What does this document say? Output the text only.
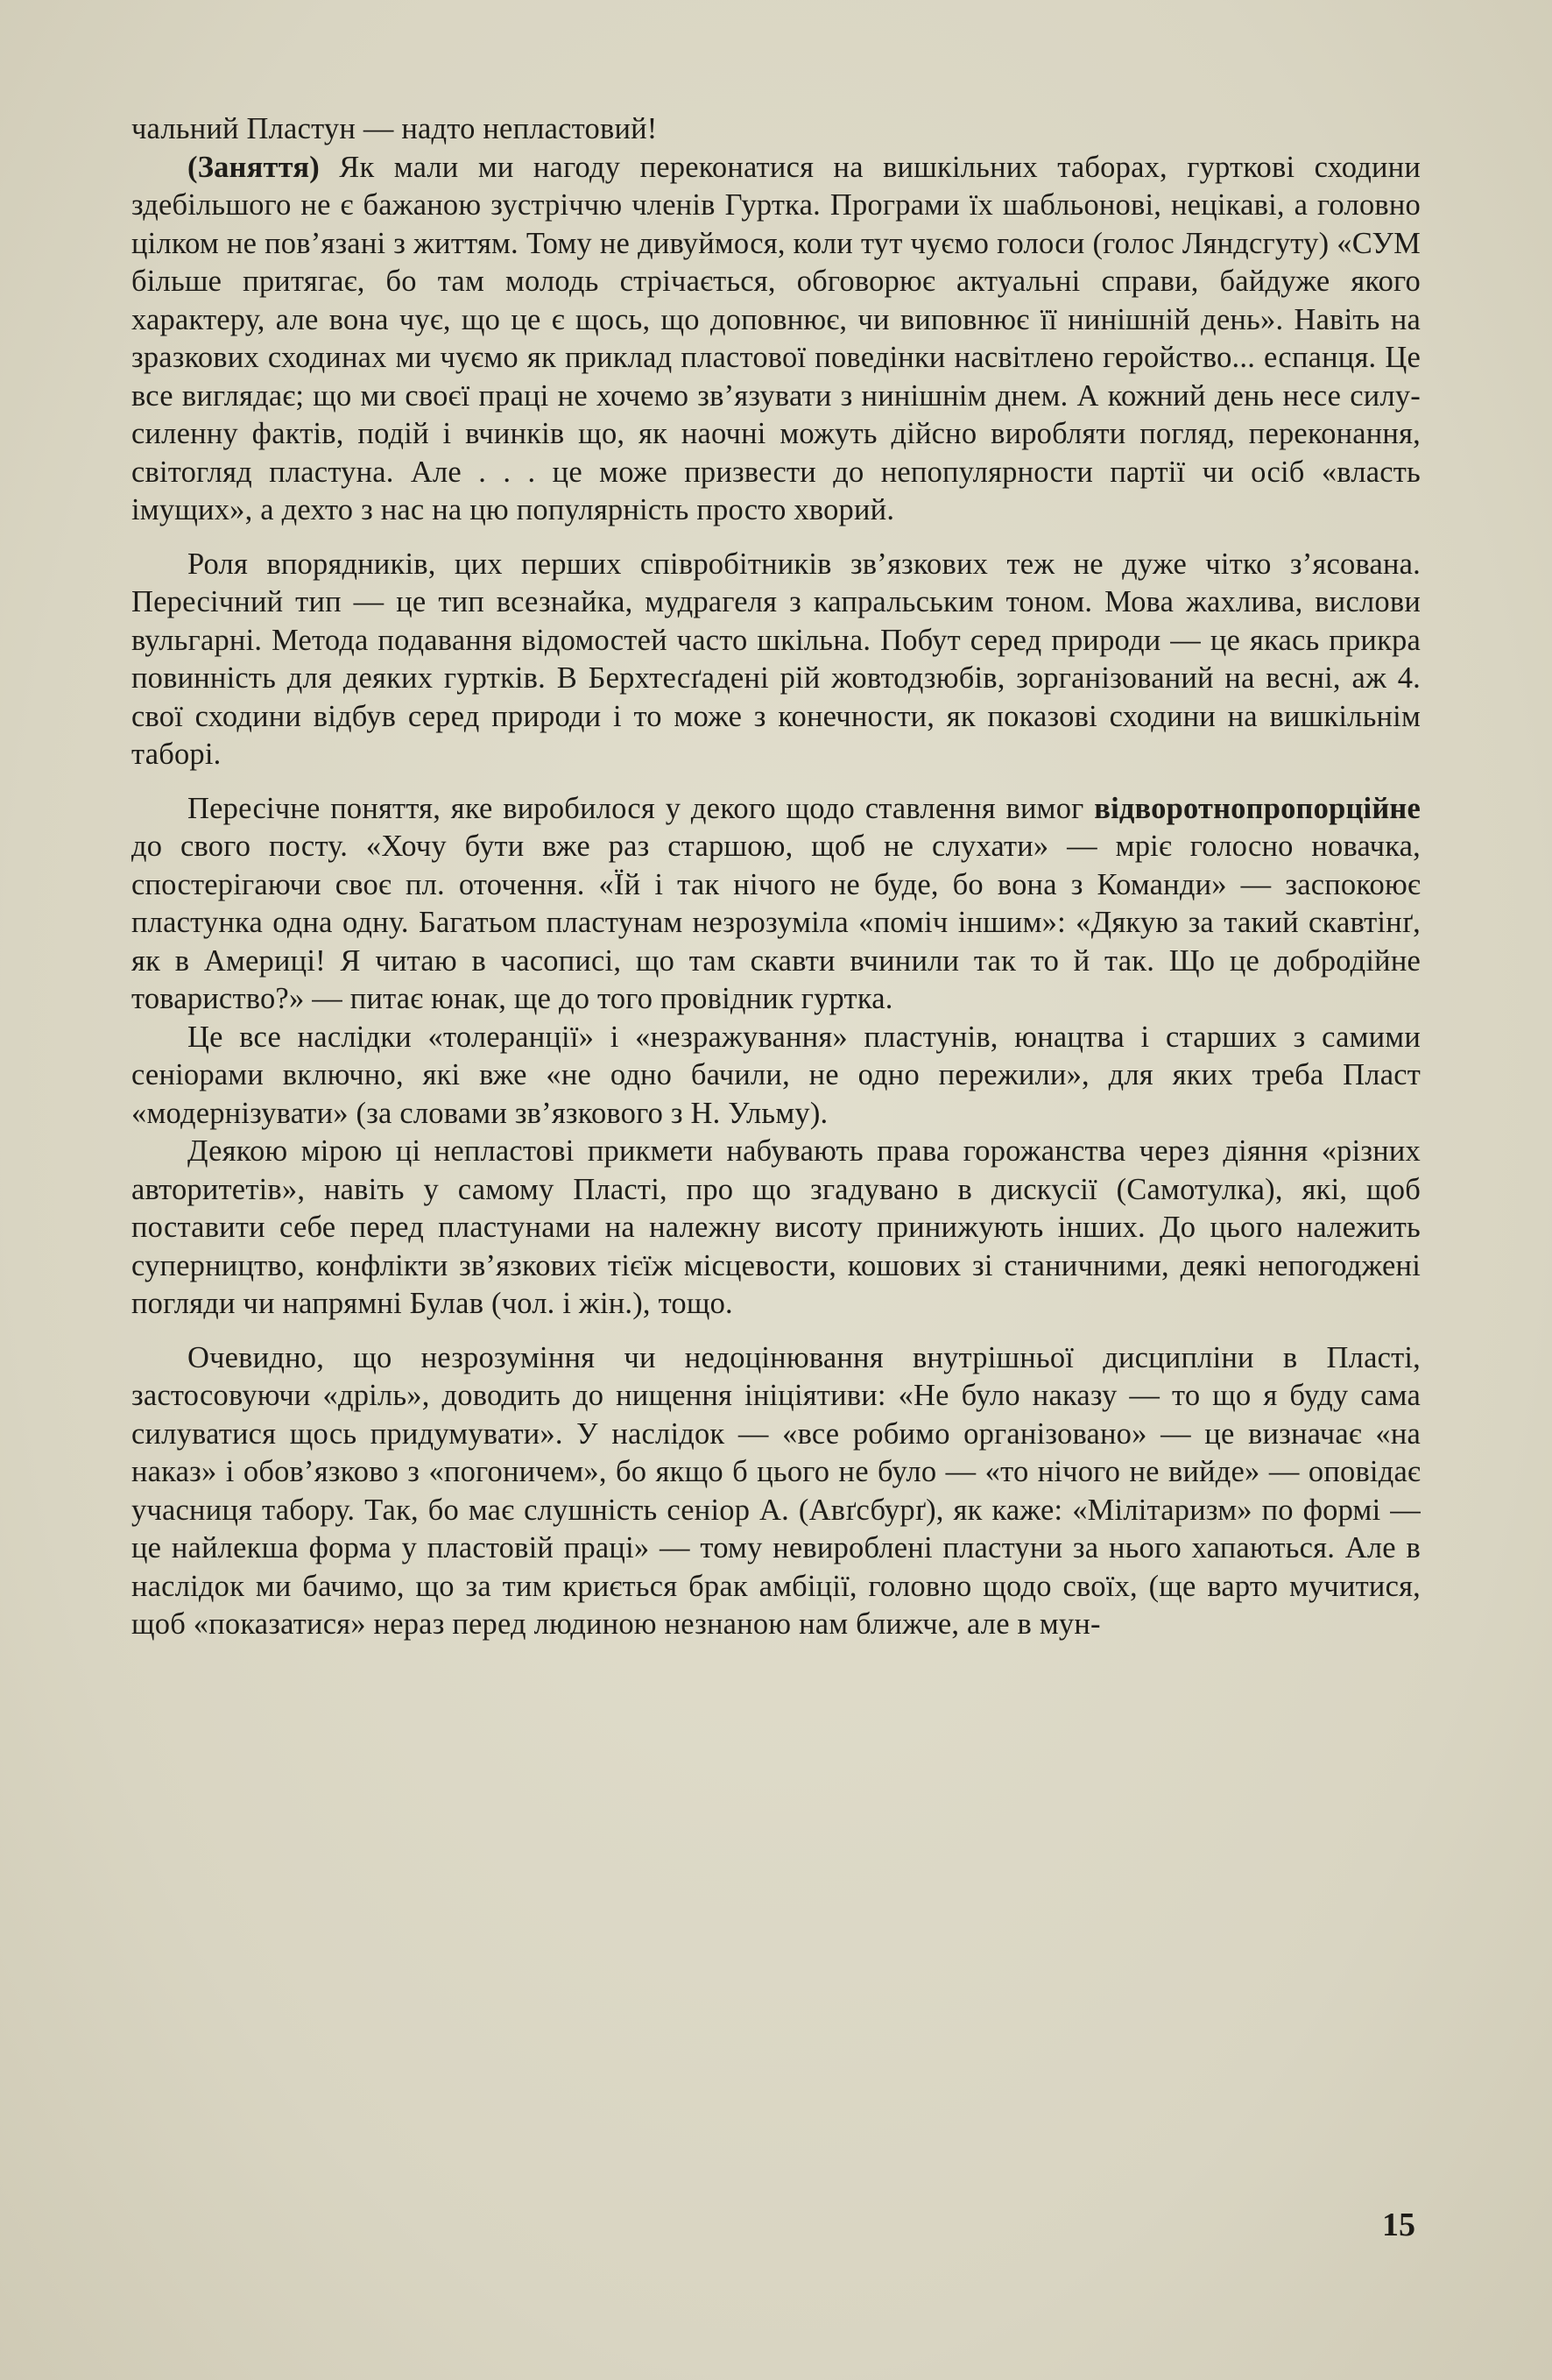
чальний Пластун — надто непластовий!

(Заняття) Як мали ми нагоду переконатися на вишкільних таборах, гурткові сходини здебільшого не є бажаною зустріччю членів Гуртка. Програми їх шабльонові, нецікаві, а головно цілком не пов’язані з життям. Тому не дивуймося, коли тут чуємо голоси (голос Ляндсгуту) «СУМ більше притягає, бо там молодь стрічається, обговорює актуальні справи, байдуже якого характеру, але вона чує, що це є щось, що доповнює, чи виповнює її нинішній день». Навіть на зразкових сходинах ми чуємо як приклад пластової поведінки насвітлено геройство... еспанця. Це все виглядає; що ми своєї праці не хочемо зв’язувати з нинішнім днем. А кожний день несе силу-силенну фактів, подій і вчинків що, як наочні можуть дійсно виробляти погляд, переконання, світогляд пластуна. Але . . . це може призвести до непопулярности партії чи осіб «власть імущих», а дехто з нас на цю популярність просто хворий.

Роля впорядників, цих перших співробітників зв’язкових теж не дуже чітко з’ясована. Пересічний тип — це тип всезнайка, мудрагеля з капральським тоном. Мова жахлива, вислови вульгарні. Метода подавання відомостей часто шкільна. Побут серед природи — це якась прикра повинність для деяких гуртків. В Берхтесґадені рій жовтодзюбів, зорганізований на весні, аж 4. свої сходини відбув серед природи і то може з конечности, як показові сходини на вишкільнім таборі.

Пересічне поняття, яке виробилося у декого щодо ставлення вимог відворотнопропорційне до свого посту. «Хочу бути вже раз старшою, щоб не слухати» — мріє голосно новачка, спостерігаючи своє пл. оточення. «Їй і так нічого не буде, бо вона з Команди» — заспокоює пластунка одна одну. Багатьом пластунам незрозуміла «поміч іншим»: «Дякую за такий скавтінґ, як в Америці! Я читаю в часописі, що там скавти вчинили так то й так. Що це добродійне товариство?» — питає юнак, ще до того провідник гуртка.

Це все наслідки «толеранції» і «незражування» пластунів, юнацтва і старших з самими сеніорами включно, які вже «не одно бачили, не одно пережили», для яких треба Пласт «модернізувати» (за словами зв’язкового з Н. Ульму).

Деякою мірою ці непластові прикмети набувають права горожанства через діяння «різних авторитетів», навіть у самому Пласті, про що згадувано в дискусії (Самотулка), які, щоб поставити себе перед пластунами на належну висоту принижують інших. До цього належить суперництво, конфлікти зв’язкових тієїж місцевости, кошових зі станичними, деякі непогоджені погляди чи напрямні Булав (чол. і жін.), тощо.

Очевидно, що незрозуміння чи недоцінювання внутрішньої дисципліни в Пласті, застосовуючи «дріль», доводить до нищення ініціятиви: «Не було наказу — то що я буду сама силуватися щось придумувати». У наслідок — «все робимо організовано» — це визначає «на наказ» і обов’язково з «погоничем», бо якщо б цього не було — «то нічого не вийде» — оповідає учасниця табору. Так, бо має слушність сеніор А. (Авґсбурґ), як каже: «Мілітаризм» по формі — це найлекша форма у пластовій праці» — тому невироблені пластуни за нього хапаються. Але в наслідок ми бачимо, що за тим криється брак амбіції, головно щодо своїх, (ще варто мучитися, щоб «показатися» нераз перед людиною незнаною нам ближче, але в мун-

15
